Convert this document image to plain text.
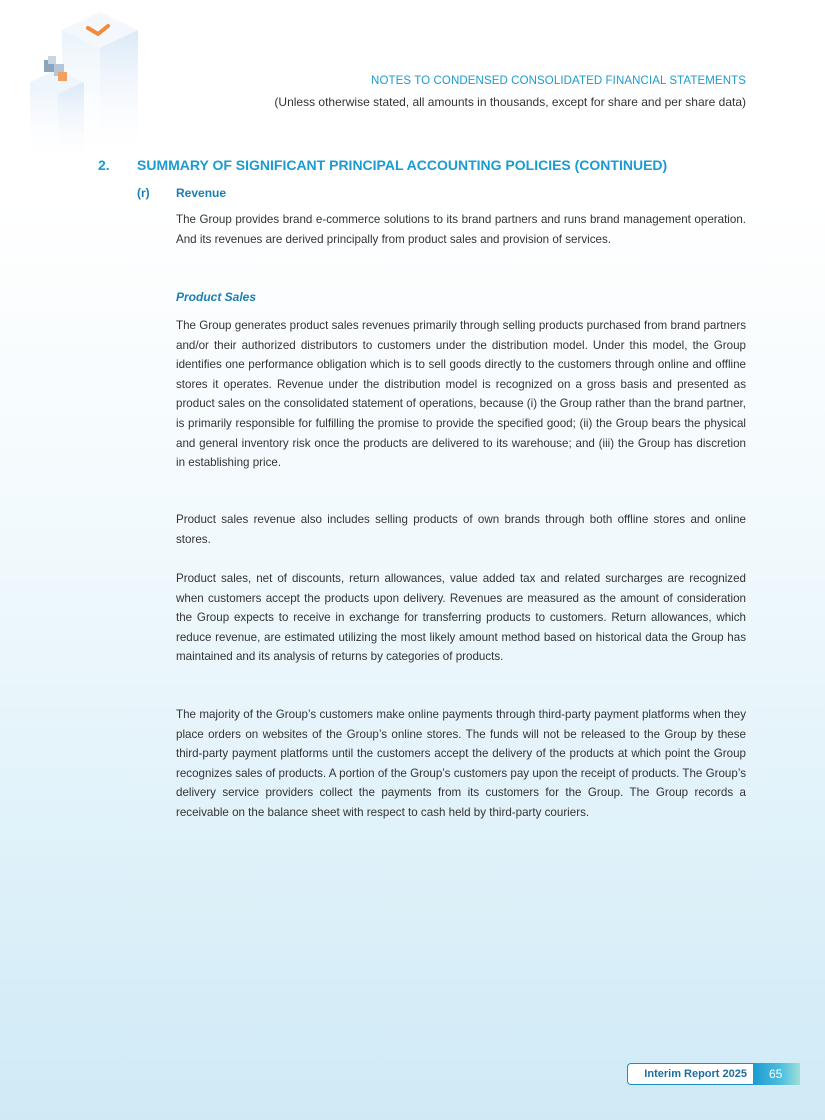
NOTES TO CONDENSED CONSOLIDATED FINANCIAL STATEMENTS
(Unless otherwise stated, all amounts in thousands, except for share and per share data)
2. SUMMARY OF SIGNIFICANT PRINCIPAL ACCOUNTING POLICIES (CONTINUED)
(r) Revenue

The Group provides brand e-commerce solutions to its brand partners and runs brand management operation. And its revenues are derived principally from product sales and provision of services.

Product Sales

The Group generates product sales revenues primarily through selling products purchased from brand partners and/or their authorized distributors to customers under the distribution model. Under this model, the Group identifies one performance obligation which is to sell goods directly to the customers through online and offline stores it operates. Revenue under the distribution model is recognized on a gross basis and presented as product sales on the consolidated statement of operations, because (i) the Group rather than the brand partner, is primarily responsible for fulfilling the promise to provide the specified good; (ii) the Group bears the physical and general inventory risk once the products are delivered to its warehouse; and (iii) the Group has discretion in establishing price.

Product sales revenue also includes selling products of own brands through both offline stores and online stores.

Product sales, net of discounts, return allowances, value added tax and related surcharges are recognized when customers accept the products upon delivery. Revenues are measured as the amount of consideration the Group expects to receive in exchange for transferring products to customers. Return allowances, which reduce revenue, are estimated utilizing the most likely amount method based on historical data the Group has maintained and its analysis of returns by categories of products.

The majority of the Group’s customers make online payments through third-party payment platforms when they place orders on websites of the Group’s online stores. The funds will not be released to the Group by these third-party payment platforms until the customers accept the delivery of the products at which point the Group recognizes sales of products. A portion of the Group’s customers pay upon the receipt of products. The Group’s delivery service providers collect the payments from its customers for the Group. The Group records a receivable on the balance sheet with respect to cash held by third-party couriers.

Interim Report 2025	65
